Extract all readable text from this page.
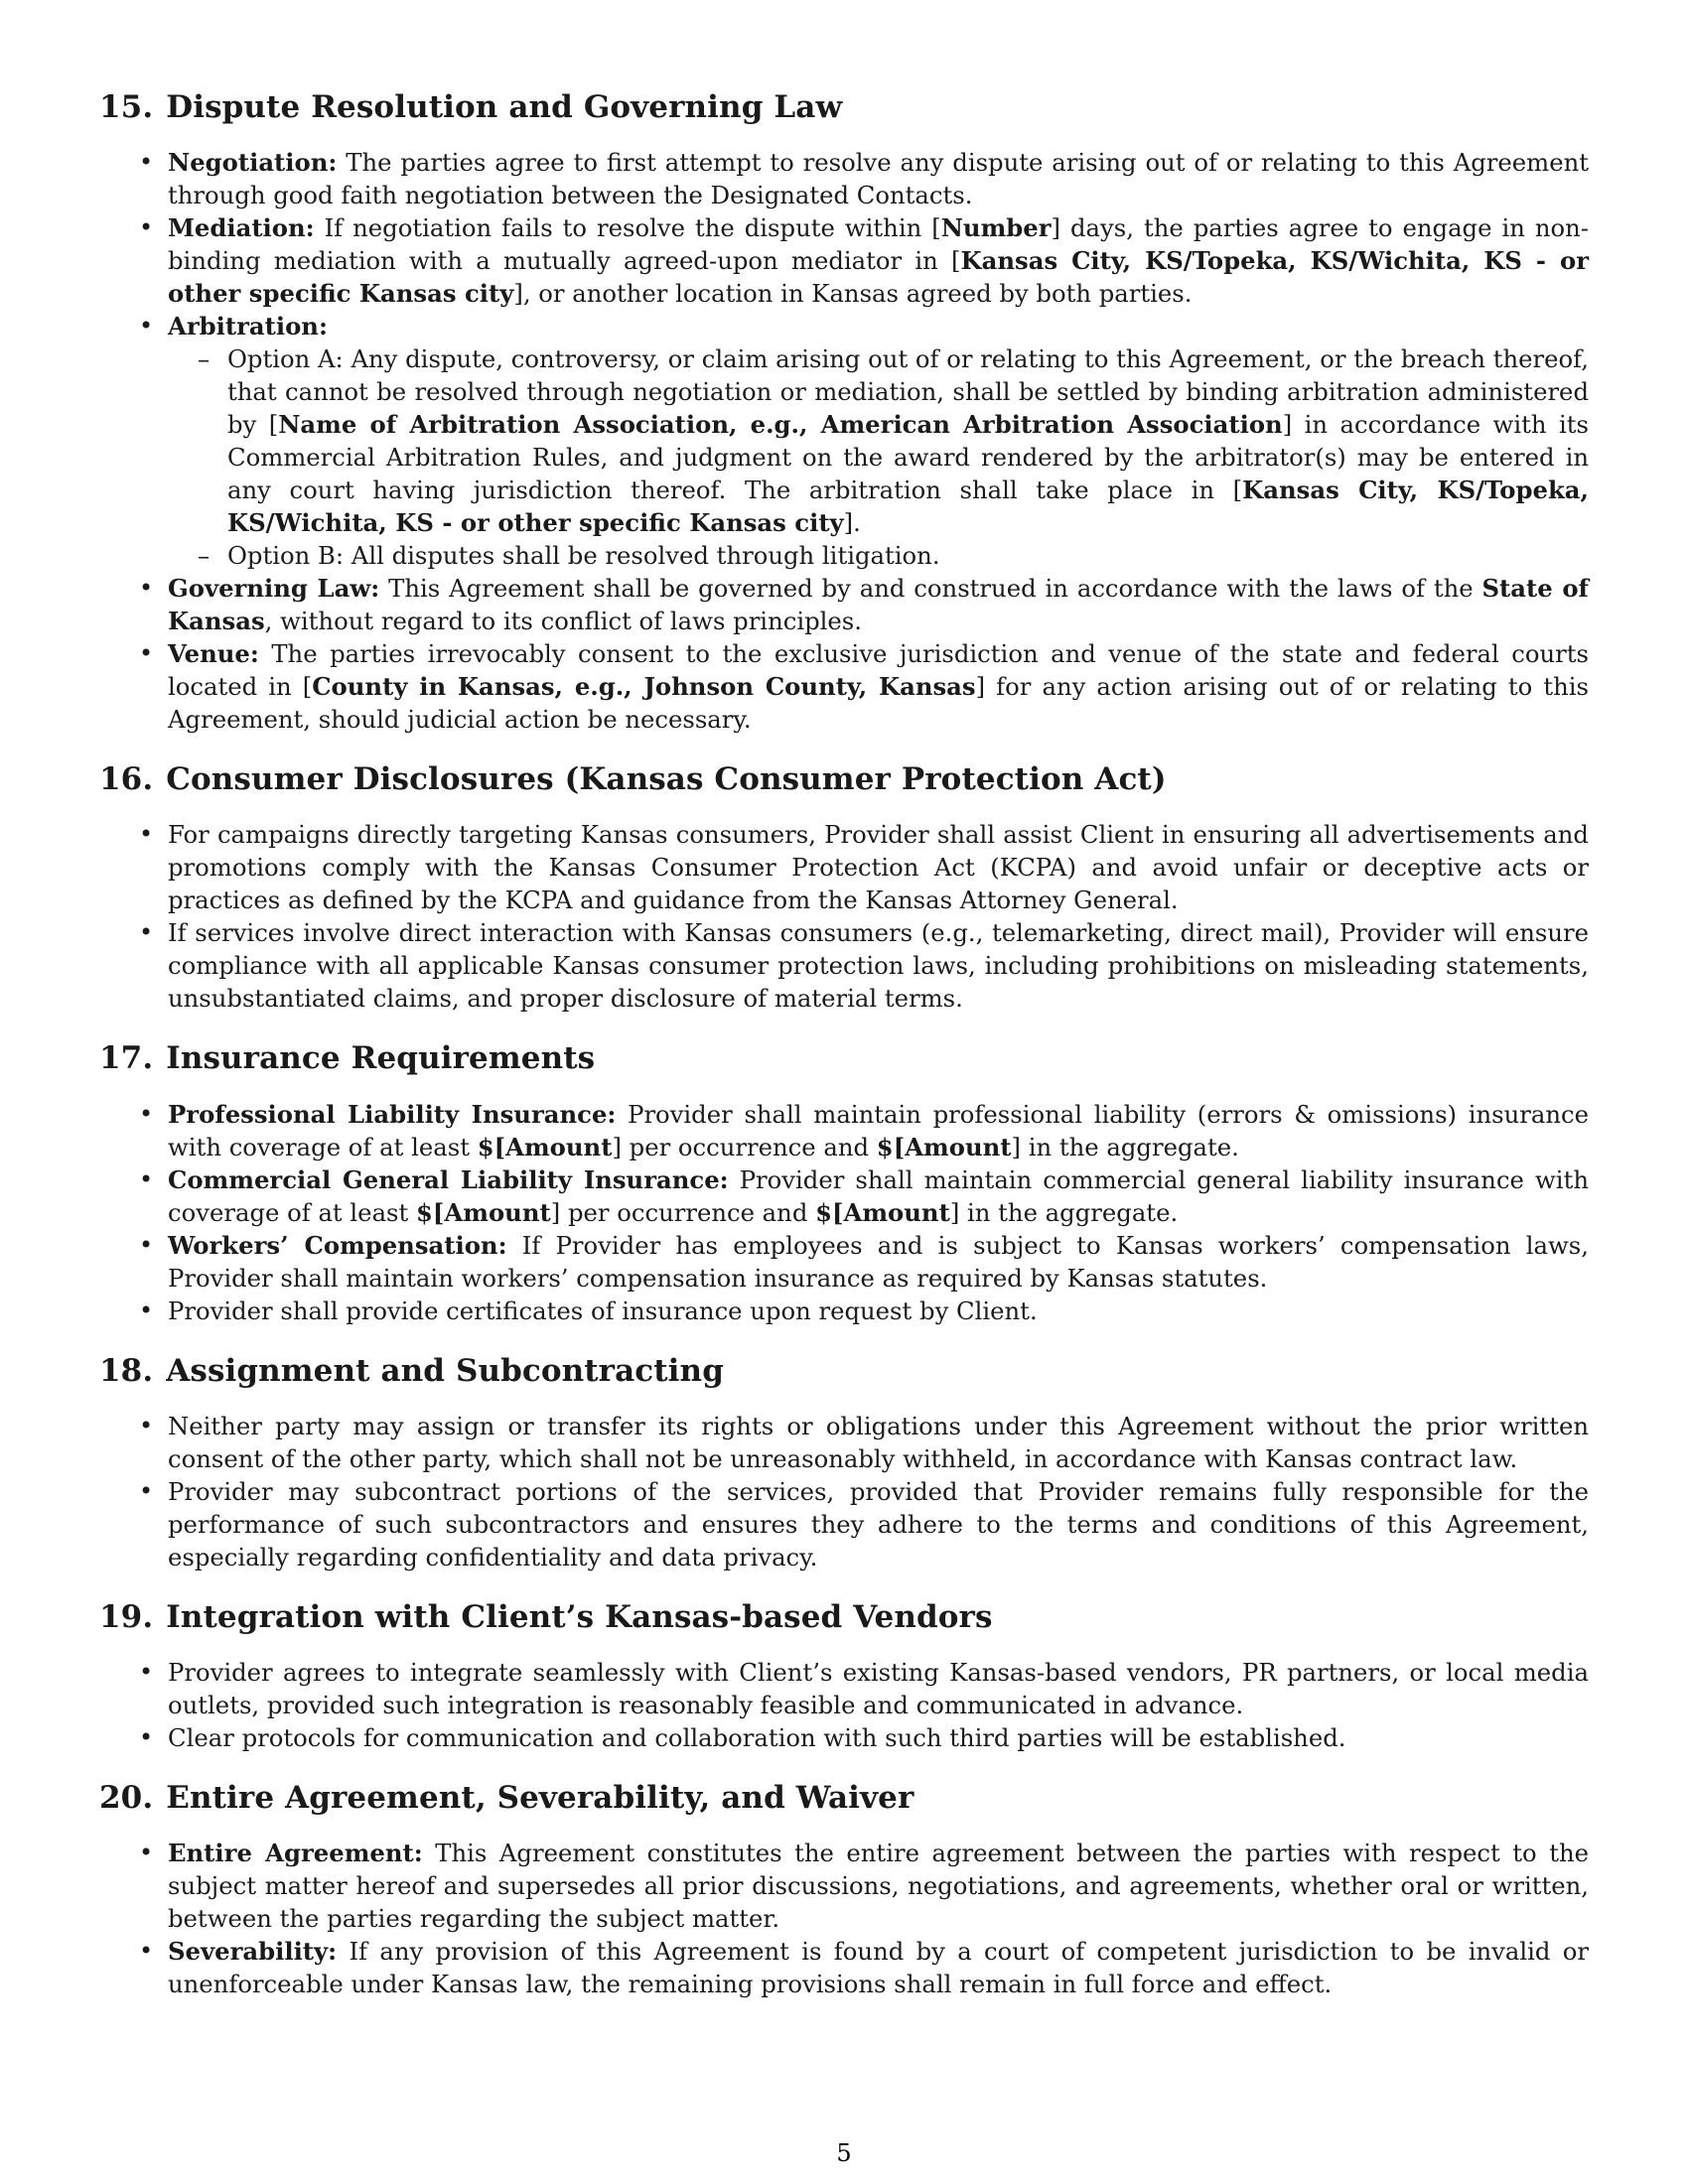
15. Dispute Resolution and Governing Law
• Negotiation: The parties agree to first attempt to resolve any dispute arising out of or relating to this Agreement through good faith negotiation between the Designated Contacts.
• Mediation: If negotiation fails to resolve the dispute within [Number] days, the parties agree to engage in non-binding mediation with a mutually agreed-upon mediator in [Kansas City, KS/Topeka, KS/Wichita, KS - or other specific Kansas city], or another location in Kansas agreed by both parties.
• Arbitration:
– Option A: Any dispute, controversy, or claim arising out of or relating to this Agreement, or the breach thereof, that cannot be resolved through negotiation or mediation, shall be settled by binding arbitration administered by [Name of Arbitration Association, e.g., American Arbitration Association] in accordance with its Commercial Arbitration Rules, and judgment on the award rendered by the arbitrator(s) may be entered in any court having jurisdiction thereof. The arbitration shall take place in [Kansas City, KS/Topeka, KS/Wichita, KS - or other specific Kansas city].
– Option B: All disputes shall be resolved through litigation.
• Governing Law: This Agreement shall be governed by and construed in accordance with the laws of the State of Kansas, without regard to its conflict of laws principles.
• Venue: The parties irrevocably consent to the exclusive jurisdiction and venue of the state and federal courts located in [County in Kansas, e.g., Johnson County, Kansas] for any action arising out of or relating to this Agreement, should judicial action be necessary.
16. Consumer Disclosures (Kansas Consumer Protection Act)
• For campaigns directly targeting Kansas consumers, Provider shall assist Client in ensuring all advertisements and promotions comply with the Kansas Consumer Protection Act (KCPA) and avoid unfair or deceptive acts or practices as defined by the KCPA and guidance from the Kansas Attorney General.
• If services involve direct interaction with Kansas consumers (e.g., telemarketing, direct mail), Provider will ensure compliance with all applicable Kansas consumer protection laws, including prohibitions on misleading statements, unsubstantiated claims, and proper disclosure of material terms.
17. Insurance Requirements
• Professional Liability Insurance: Provider shall maintain professional liability (errors & omissions) insurance with coverage of at least $[Amount] per occurrence and $[Amount] in the aggregate.
• Commercial General Liability Insurance: Provider shall maintain commercial general liability insurance with coverage of at least $[Amount] per occurrence and $[Amount] in the aggregate.
• Workers’ Compensation: If Provider has employees and is subject to Kansas workers’ compensation laws, Provider shall maintain workers’ compensation insurance as required by Kansas statutes.
• Provider shall provide certificates of insurance upon request by Client.
18. Assignment and Subcontracting
• Neither party may assign or transfer its rights or obligations under this Agreement without the prior written consent of the other party, which shall not be unreasonably withheld, in accordance with Kansas contract law.
• Provider may subcontract portions of the services, provided that Provider remains fully responsible for the performance of such subcontractors and ensures they adhere to the terms and conditions of this Agreement, especially regarding confidentiality and data privacy.
19. Integration with Client’s Kansas-based Vendors
• Provider agrees to integrate seamlessly with Client’s existing Kansas-based vendors, PR partners, or local media outlets, provided such integration is reasonably feasible and communicated in advance.
• Clear protocols for communication and collaboration with such third parties will be established.
20. Entire Agreement, Severability, and Waiver
• Entire Agreement: This Agreement constitutes the entire agreement between the parties with respect to the subject matter hereof and supersedes all prior discussions, negotiations, and agreements, whether oral or written, between the parties regarding the subject matter.
• Severability: If any provision of this Agreement is found by a court of competent jurisdiction to be invalid or unenforceable under Kansas law, the remaining provisions shall remain in full force and effect.
5
